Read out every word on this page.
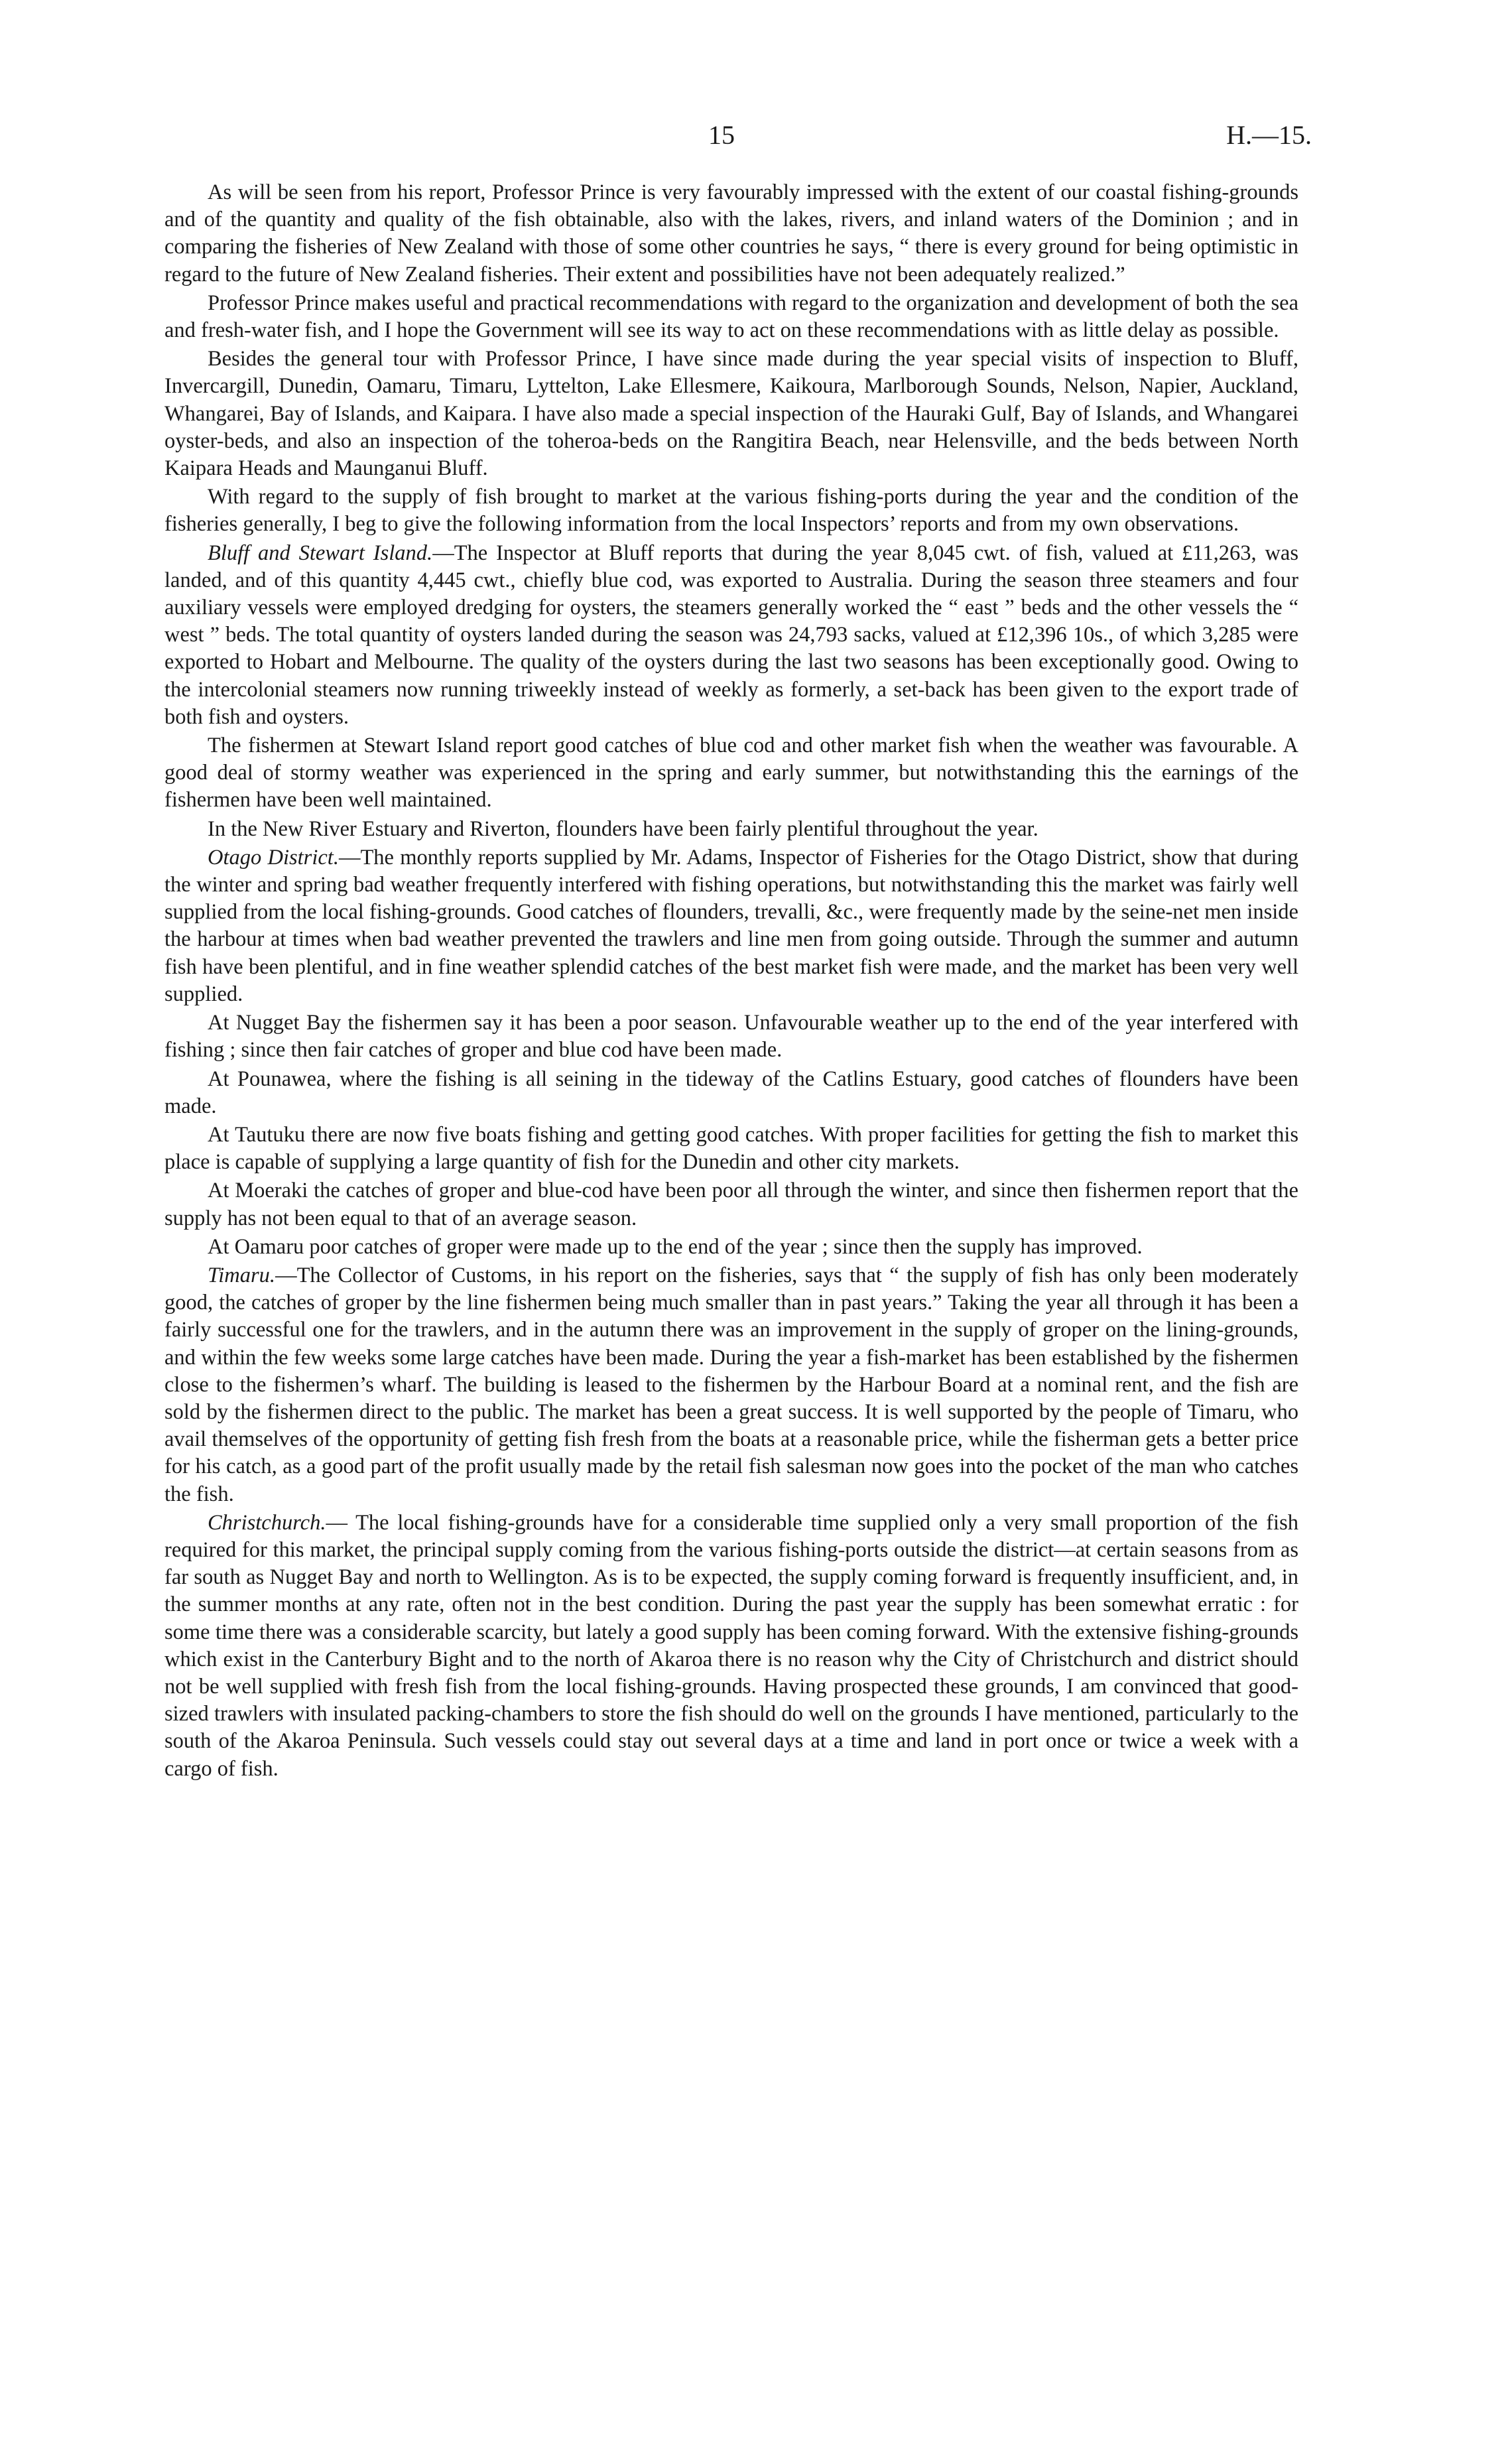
15	H.—15.

As will be seen from his report, Professor Prince is very favourably impressed with the extent of our coastal fishing-grounds and of the quantity and quality of the fish obtainable, also with the lakes, rivers, and inland waters of the Dominion ; and in comparing the fisheries of New Zealand with those of some other countries he says, “ there is every ground for being optimistic in regard to the future of New Zealand fisheries. Their extent and possibilities have not been adequately realized.”

Professor Prince makes useful and practical recommendations with regard to the organization and development of both the sea and fresh-water fish, and I hope the Government will see its way to act on these recommendations with as little delay as possible.

Besides the general tour with Professor Prince, I have since made during the year special visits of inspection to Bluff, Invercargill, Dunedin, Oamaru, Timaru, Lyttelton, Lake Ellesmere, Kaikoura, Marlborough Sounds, Nelson, Napier, Auckland, Whangarei, Bay of Islands, and Kaipara. I have also made a special inspection of the Hauraki Gulf, Bay of Islands, and Whangarei oyster-beds, and also an inspection of the toheroa-beds on the Rangitira Beach, near Helensville, and the beds between North Kaipara Heads and Maunganui Bluff.

With regard to the supply of fish brought to market at the various fishing-ports during the year and the condition of the fisheries generally, I beg to give the following information from the local Inspectors’ reports and from my own observations.

Bluff and Stewart Island.—The Inspector at Bluff reports that during the year 8,045 cwt. of fish, valued at £11,263, was landed, and of this quantity 4,445 cwt., chiefly blue cod, was exported to Australia. During the season three steamers and four auxiliary vessels were employed dredging for oysters, the steamers generally worked the “ east ” beds and the other vessels the “ west ” beds. The total quantity of oysters landed during the season was 24,793 sacks, valued at £12,396 10s., of which 3,285 were exported to Hobart and Melbourne. The quality of the oysters during the last two seasons has been exceptionally good. Owing to the intercolonial steamers now running triweekly instead of weekly as formerly, a set-back has been given to the export trade of both fish and oysters.

The fishermen at Stewart Island report good catches of blue cod and other market fish when the weather was favourable. A good deal of stormy weather was experienced in the spring and early summer, but notwithstanding this the earnings of the fishermen have been well maintained.

In the New River Estuary and Riverton, flounders have been fairly plentiful throughout the year.

Otago District.—The monthly reports supplied by Mr. Adams, Inspector of Fisheries for the Otago District, show that during the winter and spring bad weather frequently interfered with fishing operations, but notwithstanding this the market was fairly well supplied from the local fishing-grounds. Good catches of flounders, trevalli, &c., were frequently made by the seine-net men inside the harbour at times when bad weather prevented the trawlers and line men from going outside. Through the summer and autumn fish have been plentiful, and in fine weather splendid catches of the best market fish were made, and the market has been very well supplied.

At Nugget Bay the fishermen say it has been a poor season. Unfavourable weather up to the end of the year interfered with fishing ; since then fair catches of groper and blue cod have been made.

At Pounawea, where the fishing is all seining in the tideway of the Catlins Estuary, good catches of flounders have been made.

At Tautuku there are now five boats fishing and getting good catches. With proper facilities for getting the fish to market this place is capable of supplying a large quantity of fish for the Dunedin and other city markets.

At Moeraki the catches of groper and blue-cod have been poor all through the winter, and since then fishermen report that the supply has not been equal to that of an average season.

At Oamaru poor catches of groper were made up to the end of the year ; since then the supply has improved.

Timaru.—The Collector of Customs, in his report on the fisheries, says that “ the supply of fish has only been moderately good, the catches of groper by the line fishermen being much smaller than in past years.” Taking the year all through it has been a fairly successful one for the trawlers, and in the autumn there was an improvement in the supply of groper on the lining-grounds, and within the few weeks some large catches have been made. During the year a fish-market has been established by the fishermen close to the fishermen’s wharf. The building is leased to the fishermen by the Harbour Board at a nominal rent, and the fish are sold by the fishermen direct to the public. The market has been a great success. It is well supported by the people of Timaru, who avail themselves of the opportunity of getting fish fresh from the boats at a reasonable price, while the fisherman gets a better price for his catch, as a good part of the profit usually made by the retail fish salesman now goes into the pocket of the man who catches the fish.

Christchurch.— The local fishing-grounds have for a considerable time supplied only a very small proportion of the fish required for this market, the principal supply coming from the various fishing-ports outside the district—at certain seasons from as far south as Nugget Bay and north to Wellington. As is to be expected, the supply coming forward is frequently insufficient, and, in the summer months at any rate, often not in the best condition. During the past year the supply has been somewhat erratic : for some time there was a considerable scarcity, but lately a good supply has been coming forward. With the extensive fishing-grounds which exist in the Canterbury Bight and to the north of Akaroa there is no reason why the City of Christchurch and district should not be well supplied with fresh fish from the local fishing-grounds. Having prospected these grounds, I am convinced that good-sized trawlers with insulated packing-chambers to store the fish should do well on the grounds I have mentioned, particularly to the south of the Akaroa Peninsula. Such vessels could stay out several days at a time and land in port once or twice a week with a cargo of fish.
